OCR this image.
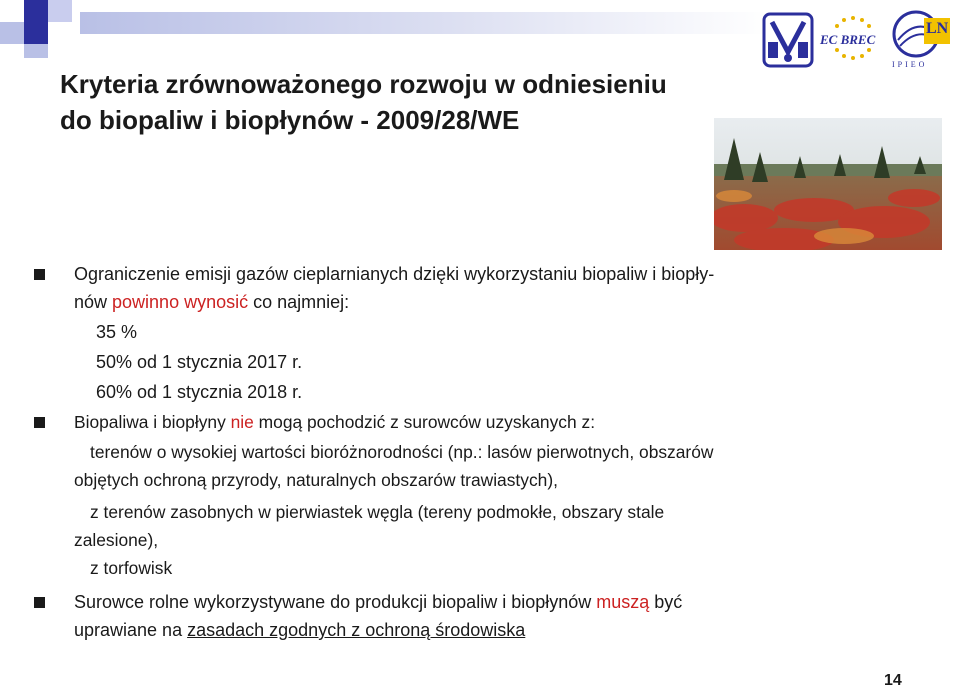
Kryteria zrównoważonego rozwoju w odniesieniu
do biopaliw i biopłynów - 2009/28/WE
EC BREC
LN
IPIEO
Ograniczenie emisji gazów cieplarnianych dzięki wykorzystaniu biopaliw i biopły-
nów powinno wynosić co najmniej:

35 %

50% od 1 stycznia 2017 r.

60% od 1 stycznia 2018 r.

Biopaliwa i biopłyny nie mogą pochodzić z surowców uzyskanych z:
terenów o wysokiej wartości bioróżnorodności (np.: lasów pierwotnych, obszarów
objętych ochroną przyrody, naturalnych obszarów trawiastych),
z terenów zasobnych w pierwiastek węgla (tereny podmokłe, obszary stale
zalesione),

z torfowisk

Surowce rolne wykorzystywane do produkcji biopaliw i biopłynów muszą być
uprawiane na zasadach zgodnych z ochroną środowiska
14
